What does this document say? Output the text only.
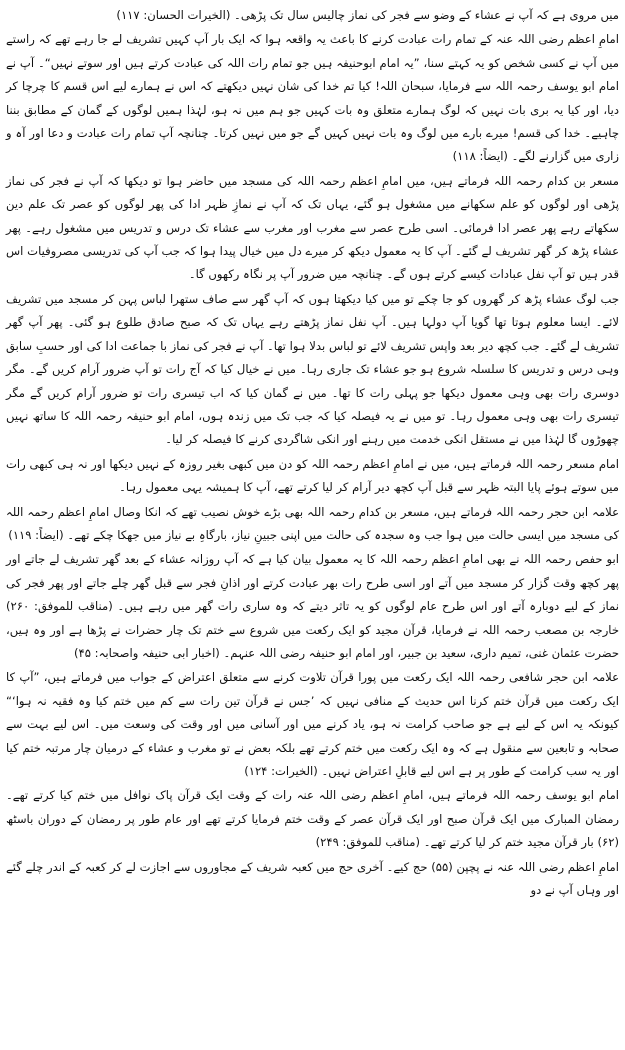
میں مروی ہے کہ آپ نے عشاء کے وضو سے فجر کی نماز چالیس سال تک پڑھی۔ (الخیرات الحسان: ۱۱۷)

امامِ اعظم رضی اللہ عنہ کے تمام رات عبادت کرنے کا باعث یہ واقعہ ہوا کہ ایک بار آپ کہیں تشریف لے جا رہے تھے کہ راستے میں آپ نے کسی شخص کو یہ کہتے سنا، ”یہ امام ابوحنیفہ ہیں جو تمام رات اللہ کی عبادت کرتے ہیں اور سوتے نہیں“۔ آپ نے امام ابو یوسف رحمہ اللہ سے فرمایا، سبحان اللہ! کیا تم خدا کی شان نہیں دیکھتے کہ اس نے ہمارے لیے اس قسم کا چرچا کر دیا، اور کیا یہ بری بات نہیں کہ لوگ ہمارے متعلق وہ بات کہیں جو ہم میں نہ ہو، لہٰذا ہمیں لوگوں کے گمان کے مطابق بننا چاہیے۔ خدا کی قسم! میرے بارے میں لوگ وہ بات نہیں کہیں گے جو میں نہیں کرتا۔ چنانچہ آپ تمام رات عبادت و دعا اور آہ و زاری میں گزارنے لگے۔ (ایضاً: ۱۱۸)

مسعر بن کدام رحمہ اللہ فرماتے ہیں، میں امامِ اعظم رحمہ اللہ کی مسجد میں حاضر ہوا تو دیکھا کہ آپ نے فجر کی نماز پڑھی اور لوگوں کو علم سکھانے میں مشغول ہو گئے، یہاں تک کہ آپ نے نمازِ ظہر ادا کی پھر لوگوں کو عصر تک علم دین سکھاتے رہے پھر عصر ادا فرمائی۔ اسی طرح عصر سے مغرب اور مغرب سے عشاء تک درس و تدریس میں مشغول رہے۔ پھر عشاء پڑھ کر گھر تشریف لے گئے۔ آپ کا یہ معمول دیکھ کر میرے دل میں خیال پیدا ہوا کہ جب آپ کی تدریسی مصروفیات اس قدر ہیں تو آپ نفل عبادات کیسے کرتے ہوں گے۔ چنانچہ میں ضرور آپ پر نگاہ رکھوں گا۔

جب لوگ عشاء پڑھ کر گھروں کو جا چکے تو میں کیا دیکھتا ہوں کہ آپ گھر سے صاف ستھرا لباس پہن کر مسجد میں تشریف لائے۔ ایسا معلوم ہوتا تھا گویا آپ دولہا ہیں۔ آپ نفل نماز پڑھتے رہے یہاں تک کہ صبح صادق طلوع ہو گئی۔ پھر آپ گھر تشریف لے گئے۔ جب کچھ دیر بعد واپس تشریف لائے تو لباس بدلا ہوا تھا۔ آپ نے فجر کی نماز با جماعت ادا کی اور حسبِ سابق وہی درس و تدریس کا سلسلہ شروع ہو جو عشاء تک جاری رہا۔ میں نے خیال کیا کہ آج رات تو آپ ضرور آرام کریں گے۔ مگر دوسری رات بھی وہی معمول دیکھا جو پہلی رات کا تھا۔ میں نے گمان کیا کہ اب تیسری رات تو ضرور آرام کریں گے مگر تیسری رات بھی وہی معمول رہا۔ تو میں نے یہ فیصلہ کیا کہ جب تک میں زندہ ہوں، امام ابو حنیفہ رحمہ اللہ کا ساتھ نہیں چھوڑوں گا لہٰذا میں نے مستقل انکی خدمت میں رہنے اور انکی شاگردی کرنے کا فیصلہ کر لیا۔

امام مسعر رحمہ اللہ فرماتے ہیں، میں نے امامِ اعظم رحمہ اللہ کو دن میں کبھی بغیر روزہ کے نہیں دیکھا اور نہ ہی کبھی رات میں سوتے ہوئے پایا البتہ ظہر سے قبل آپ کچھ دیر آرام کر لیا کرتے تھے، آپ کا ہمیشہ یہی معمول رہا۔

علامہ ابن حجر رحمہ اللہ فرماتے ہیں، مسعر بن کدام رحمہ اللہ بھی بڑے خوش نصیب تھے کہ انکا وصال امامِ اعظم رحمہ اللہ کی مسجد میں ایسی حالت میں ہوا جب وہ سجدہ کی حالت میں اپنی جبینِ نیاز، بارگاہِ بے نیاز میں جھکا چکے تھے۔ (ایضاً: ۱۱۹)

ابو حفص رحمہ اللہ نے بھی امامِ اعظم رحمہ اللہ کا یہ معمول بیان کیا ہے کہ آپ روزانہ عشاء کے بعد گھر تشریف لے جاتے اور پھر کچھ وقت گزار کر مسجد میں آتے اور اسی طرح رات بھر عبادت کرتے اور اذانِ فجر سے قبل گھر چلے جاتے اور پھر فجر کی نماز کے لیے دوبارہ آتے اور اس طرح عام لوگوں کو یہ تاثر دیتے کہ وہ ساری رات گھر میں رہے ہیں۔ (مناقب للموفق: ۲۶۰) خارجہ بن مصعب رحمہ اللہ نے فرمایا، قرآن مجید کو ایک رکعت میں شروع سے ختم تک چار حضرات نے پڑھا ہے اور وہ ہیں، حضرت عثمان غنی، تمیم داری، سعید بن جبیر، اور امام ابو حنیفہ رضی اللہ عنہم۔ (اخبار ابی حنیفہ واصحابہ: ۴۵)

علامہ ابن حجر شافعی رحمہ اللہ ایک رکعت میں پورا قرآن تلاوت کرنے سے متعلق اعتراض کے جواب میں فرماتے ہیں، ”آپ کا ایک رکعت میں قرآن ختم کرنا اس حدیث کے منافی نہیں کہ ’جس نے قرآن تین رات سے کم میں ختم کیا وہ فقیہ نہ ہوا‘“ کیونکہ یہ اس کے لیے ہے جو صاحب کرامت نہ ہو، یاد کرنے میں اور آسانی میں اور وقت کی وسعت میں۔ اس لیے بہت سے صحابہ و تابعین سے منقول ہے کہ وہ ایک رکعت میں ختم کرتے تھے بلکہ بعض نے تو مغرب و عشاء کے درمیان چار مرتبہ ختم کیا اور یہ سب کرامت کے طور پر ہے اس لیے قابلِ اعتراض نہیں۔ (الخیرات: ۱۲۴)

امام ابو یوسف رحمہ اللہ فرماتے ہیں، امامِ اعظم رضی اللہ عنہ رات کے وقت ایک قرآن پاک نوافل میں ختم کیا کرتے تھے۔ رمضان المبارک میں ایک قرآن صبح اور ایک قرآن عصر کے وقت ختم فرمایا کرتے تھے اور عام طور پر رمضان کے دوران باسٹھ (۶۲) بار قرآن مجید ختم کر لیا کرتے تھے۔ (مناقب للموفق: ۲۴۹)

امامِ اعظم رضی اللہ عنہ نے پچپن (۵۵) حج کیے۔ آخری حج میں کعبہ شریف کے مجاوروں سے اجازت لے کر کعبہ کے اندر چلے گئے اور وہاں آپ نے دو
